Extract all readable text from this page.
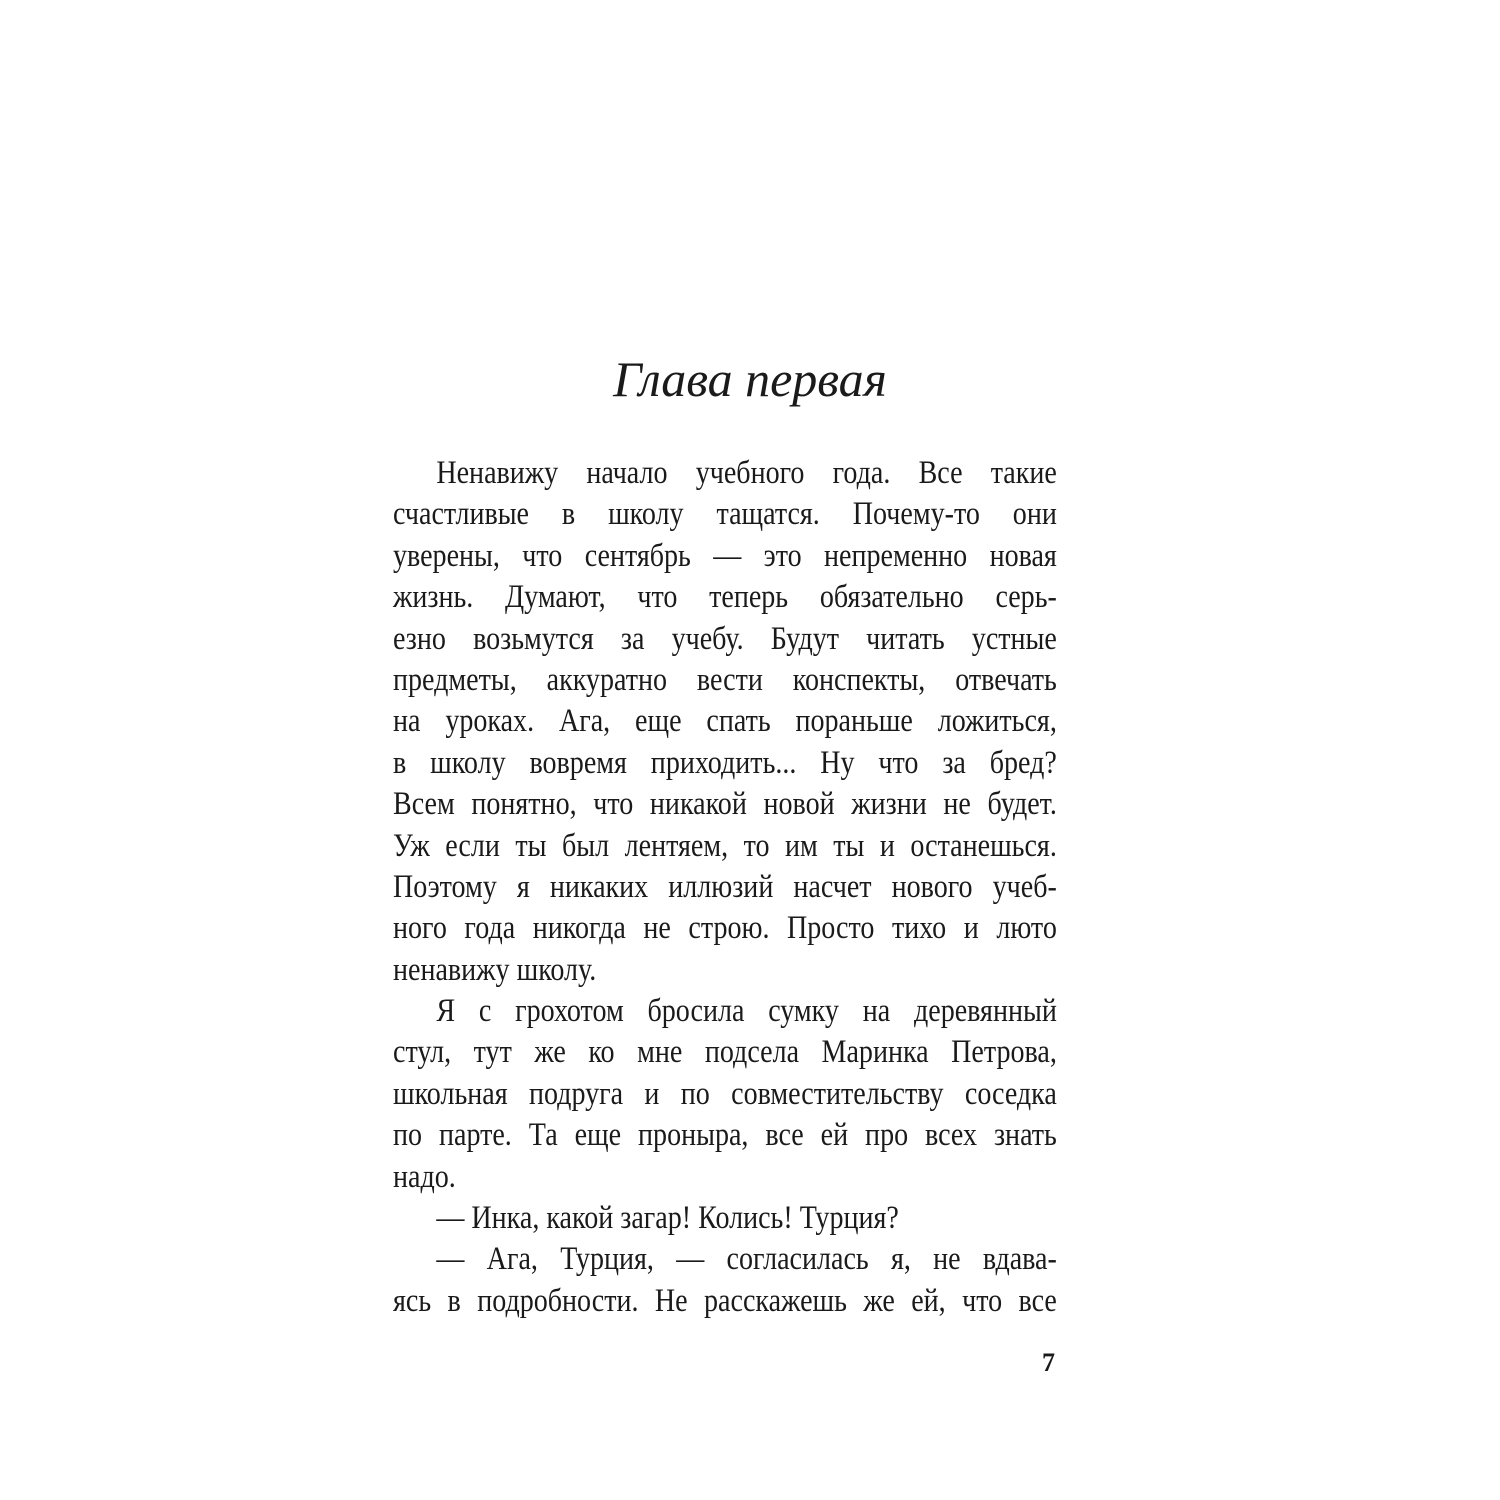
Глава первая
Ненавижу начало учебного года. Все такие
счастливые в школу тащатся. Почему-то они
уверены, что сентябрь — это непременно новая
жизнь. Думают, что теперь обязательно серь-
езно возьмутся за учебу. Будут читать устные
предметы, аккуратно вести конспекты, отвечать
на уроках. Ага, еще спать пораньше ложиться,
в школу вовремя приходить... Ну что за бред?
Всем понятно, что никакой новой жизни не будет.
Уж если ты был лентяем, то им ты и останешься.
Поэтому я никаких иллюзий насчет нового учеб-
ного года никогда не строю. Просто тихо и люто
ненавижу школу.
Я с грохотом бросила сумку на деревянный
стул, тут же ко мне подсела Маринка Петрова,
школьная подруга и по совместительству соседка
по парте. Та еще проныра, все ей про всех знать
надо.
— Инка, какой загар! Колись! Турция?
— Ага, Турция, — согласилась я, не вдава-
ясь в подробности. Не расскажешь же ей, что все
7
